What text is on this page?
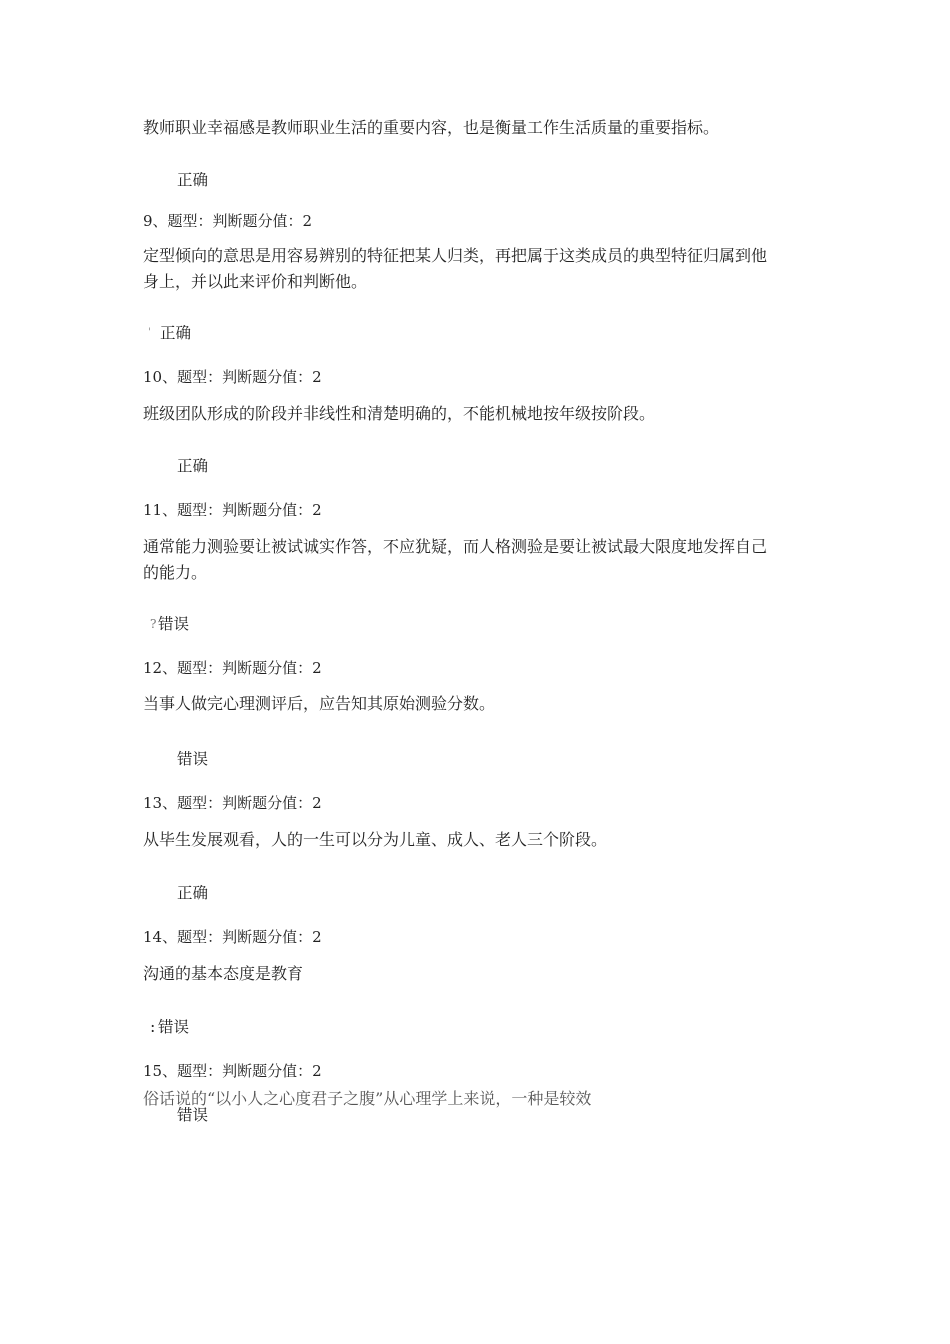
教师职业幸福感是教师职业生活的重要内容，也是衡量工作生活质量的重要指标。
正确
9、题型：判断题分值：2
定型倾向的意思是用容易辨别的特征把某人归类，再把属于这类成员的典型特征归属到他
身上，并以此来评价和判断他。
' 正确
10、题型：判断题分值：2
班级团队形成的阶段并非线性和清楚明确的，不能机械地按年级按阶段。
正确
11、题型：判断题分值：2
通常能力测验要让被试诚实作答，不应犹疑，而人格测验是要让被试最大限度地发挥自己
的能力。
? 错误
12、题型：判断题分值：2
当事人做完心理测评后，应告知其原始测验分数。
错误
13、题型：判断题分值：2
从毕生发展观看，人的一生可以分为儿童、成人、老人三个阶段。
正确
14、题型：判断题分值：2
沟通的基本态度是教育
: 错误
15、题型：判断题分值：2
俗话说的“以小人之心度君子之腹”从心理学上来说，一种是较效
错误
